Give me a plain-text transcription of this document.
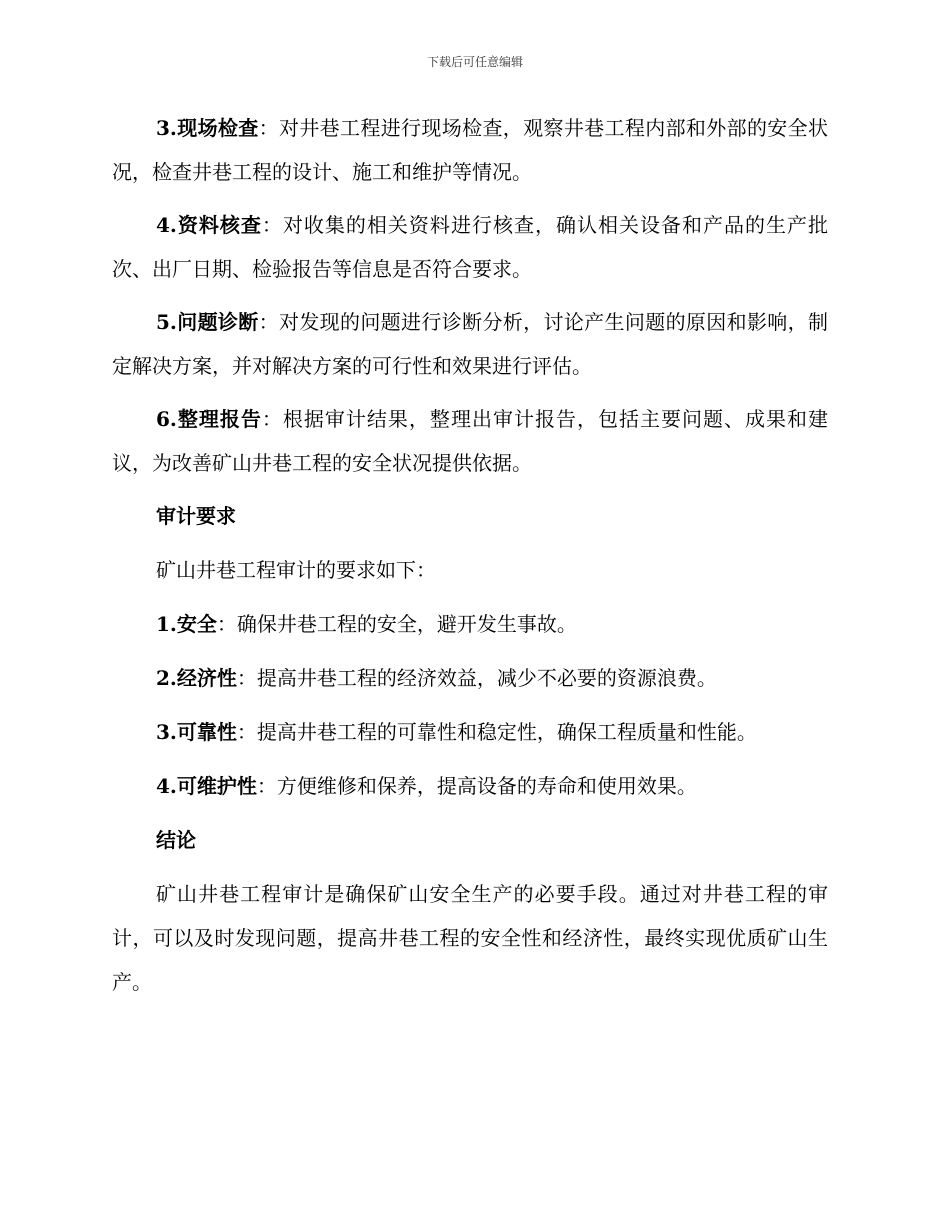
下载后可任意编辑

3.现场检查：对井巷工程进行现场检查，观察井巷工程内部和外部的安全状况，检查井巷工程的设计、施工和维护等情况。

4.资料核查：对收集的相关资料进行核查，确认相关设备和产品的生产批次、出厂日期、检验报告等信息是否符合要求。

5.问题诊断：对发现的问题进行诊断分析，讨论产生问题的原因和影响，制定解决方案，并对解决方案的可行性和效果进行评估。

6.整理报告：根据审计结果，整理出审计报告，包括主要问题、成果和建议，为改善矿山井巷工程的安全状况提供依据。

审计要求

矿山井巷工程审计的要求如下：

1.安全：确保井巷工程的安全，避开发生事故。

2.经济性：提高井巷工程的经济效益，减少不必要的资源浪费。

3.可靠性：提高井巷工程的可靠性和稳定性，确保工程质量和性能。

4.可维护性：方便维修和保养，提高设备的寿命和使用效果。

结论

矿山井巷工程审计是确保矿山安全生产的必要手段。通过对井巷工程的审计，可以及时发现问题，提高井巷工程的安全性和经济性，最终实现优质矿山生产。
